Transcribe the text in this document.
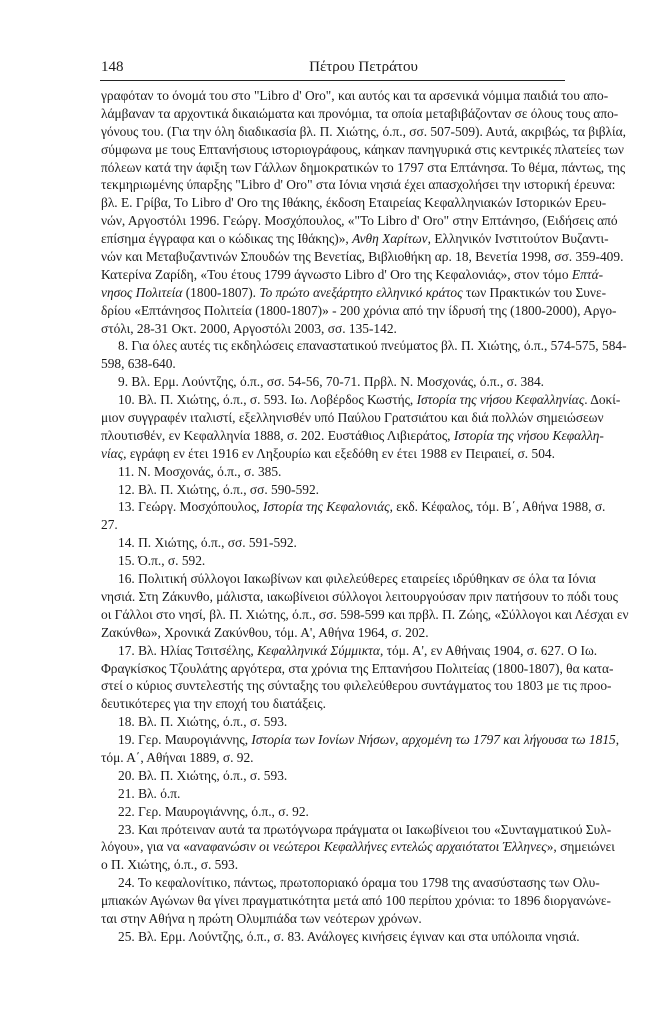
148	Πέτρου Πετράτου
γραφόταν το όνομά του στο "Libro d' Oro", και αυτός και τα αρσενικά νόμιμα παιδιά του απο-
λάμβαναν τα αρχοντικά δικαιώματα και προνόμια, τα οποία μεταβιβάζονταν σε όλους τους απο-
γόνους του. (Για την όλη διαδικασία βλ. Π. Χιώτης, ό.π., σσ. 507-509). Αυτά, ακριβώς, τα βιβλία,
σύμφωνα με τους Επτανήσιους ιστοριογράφους, κάηκαν πανηγυρικά στις κεντρικές πλατείες των
πόλεων κατά την άφιξη των Γάλλων δημοκρατικών το 1797 στα Επτάνησα. Το θέμα, πάντως, της
τεκμηριωμένης ύπαρξης "Libro d' Oro" στα Ιόνια νησιά έχει απασχολήσει την ιστορική έρευνα:
βλ. Ε. Γρίβα, Το Libro d' Oro της Ιθάκης, έκδοση Εταιρείας Κεφαλληνιακών Ιστορικών Ερευ-
νών, Αργοστόλι 1996. Γεώργ. Μοσχόπουλος, «"Το Libro d' Oro" στην Επτάνησο, (Ειδήσεις από
επίσημα έγγραφα και ο κώδικας της Ιθάκης)», Ανθη Χαρίτων, Ελληνικόν Ινστιτούτον Βυζαντι-
νών και Μεταβυζαντινών Σπουδών της Βενετίας, Βιβλιοθήκη αρ. 18, Βενετία 1998, σσ. 359-409.
Κατερίνα Ζαρίδη, «Του έτους 1799 άγνωστο Libro d' Oro της Κεφαλονιάς», στον τόμο Επτά-
νησος Πολιτεία (1800-1807). Το πρώτο ανεξάρτητο ελληνικό κράτος των Πρακτικών του Συνε-
δρίου «Επτάνησος Πολιτεία (1800-1807)» - 200 χρόνια από την ίδρυσή της (1800-2000), Αργο-
στόλι, 28-31 Οκτ. 2000, Αργοστόλι 2003, σσ. 135-142.
8. Για όλες αυτές τις εκδηλώσεις επαναστατικού πνεύματος βλ. Π. Χιώτης, ό.π., 574-575, 584-
598, 638-640.
9. Βλ. Ερμ. Λούντζης, ό.π., σσ. 54-56, 70-71. Πρβλ. Ν. Μοσχονάς, ό.π., σ. 384.
10. Βλ. Π. Χιώτης, ό.π., σ. 593. Ιω. Λοβέρδος Κωστής, Ιστορία της νήσου Κεφαλληνίας. Δοκί-
μιον συγγραφέν ιταλιστί, εξελληνισθέν υπό Παύλου Γρατσιάτου και διά πολλών σημειώσεων
πλουτισθέν, εν Κεφαλληνία 1888, σ. 202. Ευστάθιος Λιβιεράτος, Ιστορία της νήσου Κεφαλλη-
νίας, εγράφη εν έτει 1916 εν Ληξουρίω και εξεδόθη εν έτει 1988 εν Πειραιεί, σ. 504.
11. Ν. Μοσχονάς, ό.π., σ. 385.
12. Βλ. Π. Χιώτης, ό.π., σσ. 590-592.
13. Γεώργ. Μοσχόπουλος, Ιστορία της Κεφαλονιάς, εκδ. Κέφαλος, τόμ. Β΄, Αθήνα 1988, σ.
27.
14. Π. Χιώτης, ό.π., σσ. 591-592.
15. Ό.π., σ. 592.
16. Πολιτική σύλλογοι Ιακωβίνων και φιλελεύθερες εταιρείες ιδρύθηκαν σε όλα τα Ιόνια
νησιά. Στη Ζάκυνθο, μάλιστα, ιακωβίνειοι σύλλογοι λειτουργούσαν πριν πατήσουν το πόδι τους
οι Γάλλοι στο νησί, βλ. Π. Χιώτης, ό.π., σσ. 598-599 και πρβλ. Π. Ζώης, «Σύλλογοι και Λέσχαι εν
Ζακύνθω», Χρονικά Ζακύνθου, τόμ. Α', Αθήνα 1964, σ. 202.
17. Βλ. Ηλίας Τσιτσέλης, Κεφαλληνικά Σύμμικτα, τόμ. Α', εν Αθήναις 1904, σ. 627. Ο Ιω.
Φραγκίσκος Τζουλάτης αργότερα, στα χρόνια της Επτανήσου Πολιτείας (1800-1807), θα κατα-
στεί ο κύριος συντελεστής της σύνταξης του φιλελεύθερου συντάγματος του 1803 με τις προο-
δευτικότερες για την εποχή του διατάξεις.
18. Βλ. Π. Χιώτης, ό.π., σ. 593.
19. Γερ. Μαυρογιάννης, Ιστορία των Ιονίων Νήσων, αρχομένη τω 1797 και λήγουσα τω 1815,
τόμ. Α΄, Αθήναι 1889, σ. 92.
20. Βλ. Π. Χιώτης, ό.π., σ. 593.
21. Βλ. ό.π.
22. Γερ. Μαυρογιάννης, ό.π., σ. 92.
23. Και πρότειναν αυτά τα πρωτόγνωρα πράγματα οι Ιακωβίνειοι του «Συνταγματικού Συλ-
λόγου», για να «αναφανώσιν οι νεώτεροι Κεφαλλήνες εντελώς αρχαιότατοι Έλληνες», σημειώνει
ο Π. Χιώτης, ό.π., σ. 593.
24. Το κεφαλονίτικο, πάντως, πρωτοποριακό όραμα του 1798 της ανασύστασης των Ολυ-
μπιακών Αγώνων θα γίνει πραγματικότητα μετά από 100 περίπου χρόνια: το 1896 διοργανώνε-
ται στην Αθήνα η πρώτη Ολυμπιάδα των νεότερων χρόνων.
25. Βλ. Ερμ. Λούντζης, ό.π., σ. 83. Ανάλογες κινήσεις έγιναν και στα υπόλοιπα νησιά.
